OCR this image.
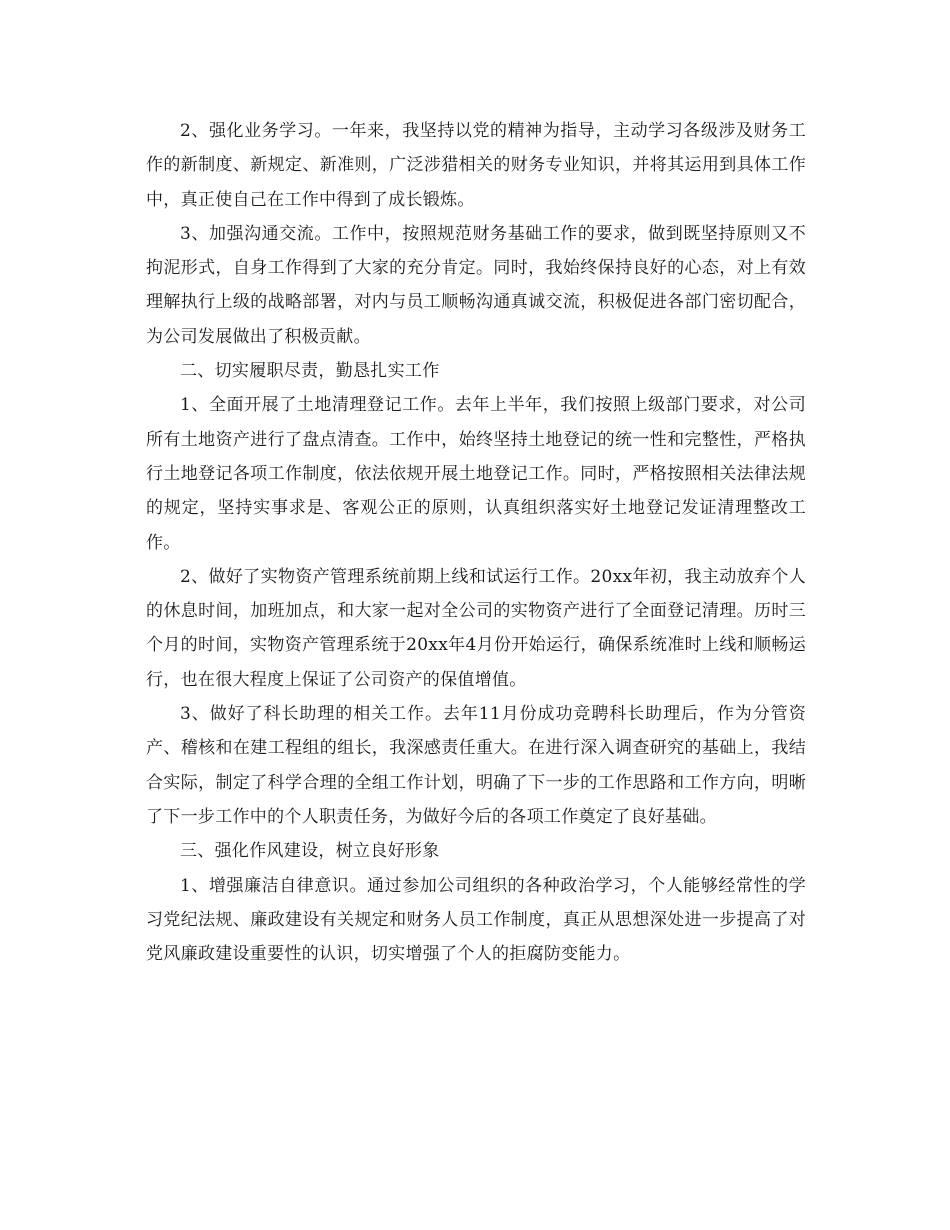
2、强化业务学习。一年来，我坚持以党的精神为指导，主动学习各级涉及财务工作的新制度、新规定、新准则，广泛涉猎相关的财务专业知识，并将其运用到具体工作中，真正使自己在工作中得到了成长锻炼。

3、加强沟通交流。工作中，按照规范财务基础工作的要求，做到既坚持原则又不拘泥形式，自身工作得到了大家的充分肯定。同时，我始终保持良好的心态，对上有效理解执行上级的战略部署，对内与员工顺畅沟通真诚交流，积极促进各部门密切配合，为公司发展做出了积极贡献。

二、切实履职尽责，勤恳扎实工作

1、全面开展了土地清理登记工作。去年上半年，我们按照上级部门要求，对公司所有土地资产进行了盘点清查。工作中，始终坚持土地登记的统一性和完整性，严格执行土地登记各项工作制度，依法依规开展土地登记工作。同时，严格按照相关法律法规的规定，坚持实事求是、客观公正的原则，认真组织落实好土地登记发证清理整改工作。

2、做好了实物资产管理系统前期上线和试运行工作。20xx年初，我主动放弃个人的休息时间，加班加点，和大家一起对全公司的实物资产进行了全面登记清理。历时三个月的时间，实物资产管理系统于20xx年4月份开始运行，确保系统准时上线和顺畅运行，也在很大程度上保证了公司资产的保值增值。

3、做好了科长助理的相关工作。去年11月份成功竞聘科长助理后，作为分管资产、稽核和在建工程组的组长，我深感责任重大。在进行深入调查研究的基础上，我结合实际，制定了科学合理的全组工作计划，明确了下一步的工作思路和工作方向，明晰了下一步工作中的个人职责任务，为做好今后的各项工作奠定了良好基础。

三、强化作风建设，树立良好形象

1、增强廉洁自律意识。通过参加公司组织的各种政治学习，个人能够经常性的学习党纪法规、廉政建设有关规定和财务人员工作制度，真正从思想深处进一步提高了对党风廉政建设重要性的认识，切实增强了个人的拒腐防变能力。
